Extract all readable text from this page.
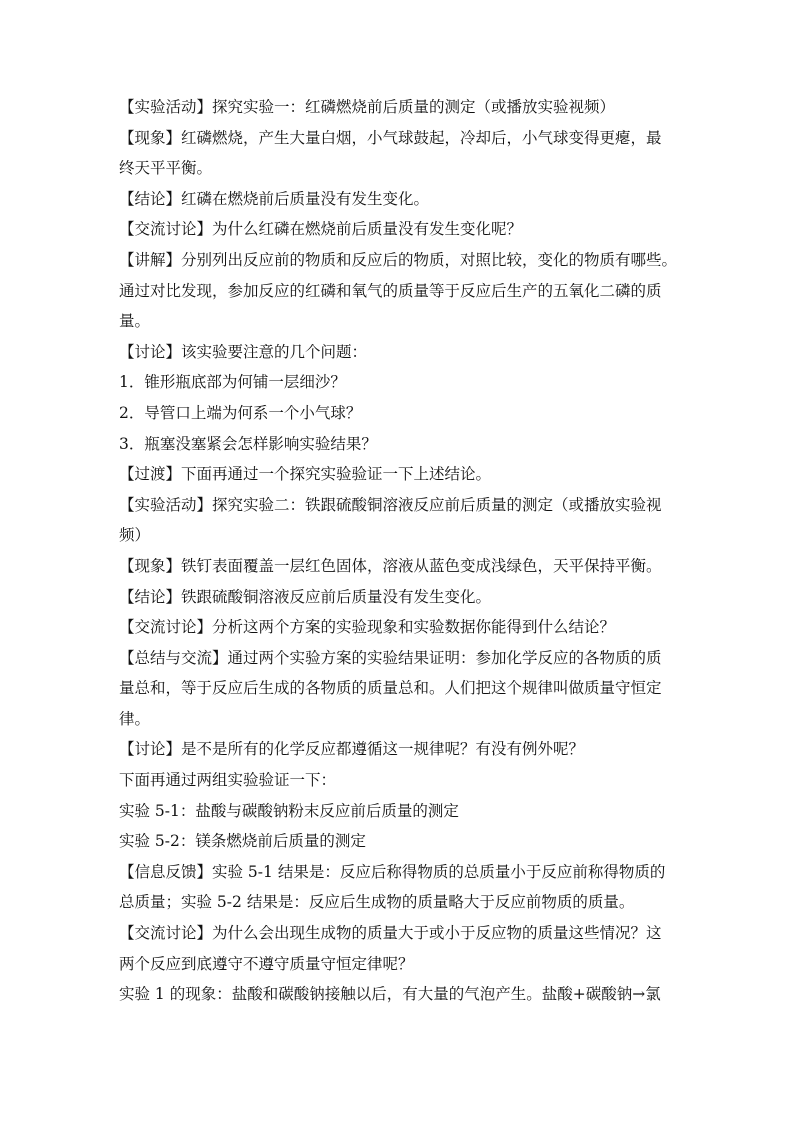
【实验活动】探究实验一：红磷燃烧前后质量的测定（或播放实验视频）
【现象】红磷燃烧，产生大量白烟，小气球鼓起，冷却后，小气球变得更瘪，最
终天平平衡。
【结论】红磷在燃烧前后质量没有发生变化。
【交流讨论】为什么红磷在燃烧前后质量没有发生变化呢？
【讲解】分别列出反应前的物质和反应后的物质，对照比较，变化的物质有哪些。
通过对比发现，参加反应的红磷和氧气的质量等于反应后生产的五氧化二磷的质
量。
【讨论】该实验要注意的几个问题：
1．锥形瓶底部为何铺一层细沙？
2．导管口上端为何系一个小气球？
3．瓶塞没塞紧会怎样影响实验结果？
【过渡】下面再通过一个探究实验验证一下上述结论。
【实验活动】探究实验二：铁跟硫酸铜溶液反应前后质量的测定（或播放实验视
频）
【现象】铁钉表面覆盖一层红色固体，溶液从蓝色变成浅绿色，天平保持平衡。
【结论】铁跟硫酸铜溶液反应前后质量没有发生变化。
【交流讨论】分析这两个方案的实验现象和实验数据你能得到什么结论？
【总结与交流】通过两个实验方案的实验结果证明：参加化学反应的各物质的质
量总和，等于反应后生成的各物质的质量总和。人们把这个规律叫做质量守恒定
律。
【讨论】是不是所有的化学反应都遵循这一规律呢？有没有例外呢？
下面再通过两组实验验证一下：
实验 5-1：盐酸与碳酸钠粉末反应前后质量的测定
实验 5-2：镁条燃烧前后质量的测定
【信息反馈】实验 5-1 结果是：反应后称得物质的总质量小于反应前称得物质的
总质量；实验 5-2 结果是：反应后生成物的质量略大于反应前物质的质量。
【交流讨论】为什么会出现生成物的质量大于或小于反应物的质量这些情况？这
两个反应到底遵守不遵守质量守恒定律呢？
实验 1 的现象：盐酸和碳酸钠接触以后，有大量的气泡产生。盐酸+碳酸钠→氯
